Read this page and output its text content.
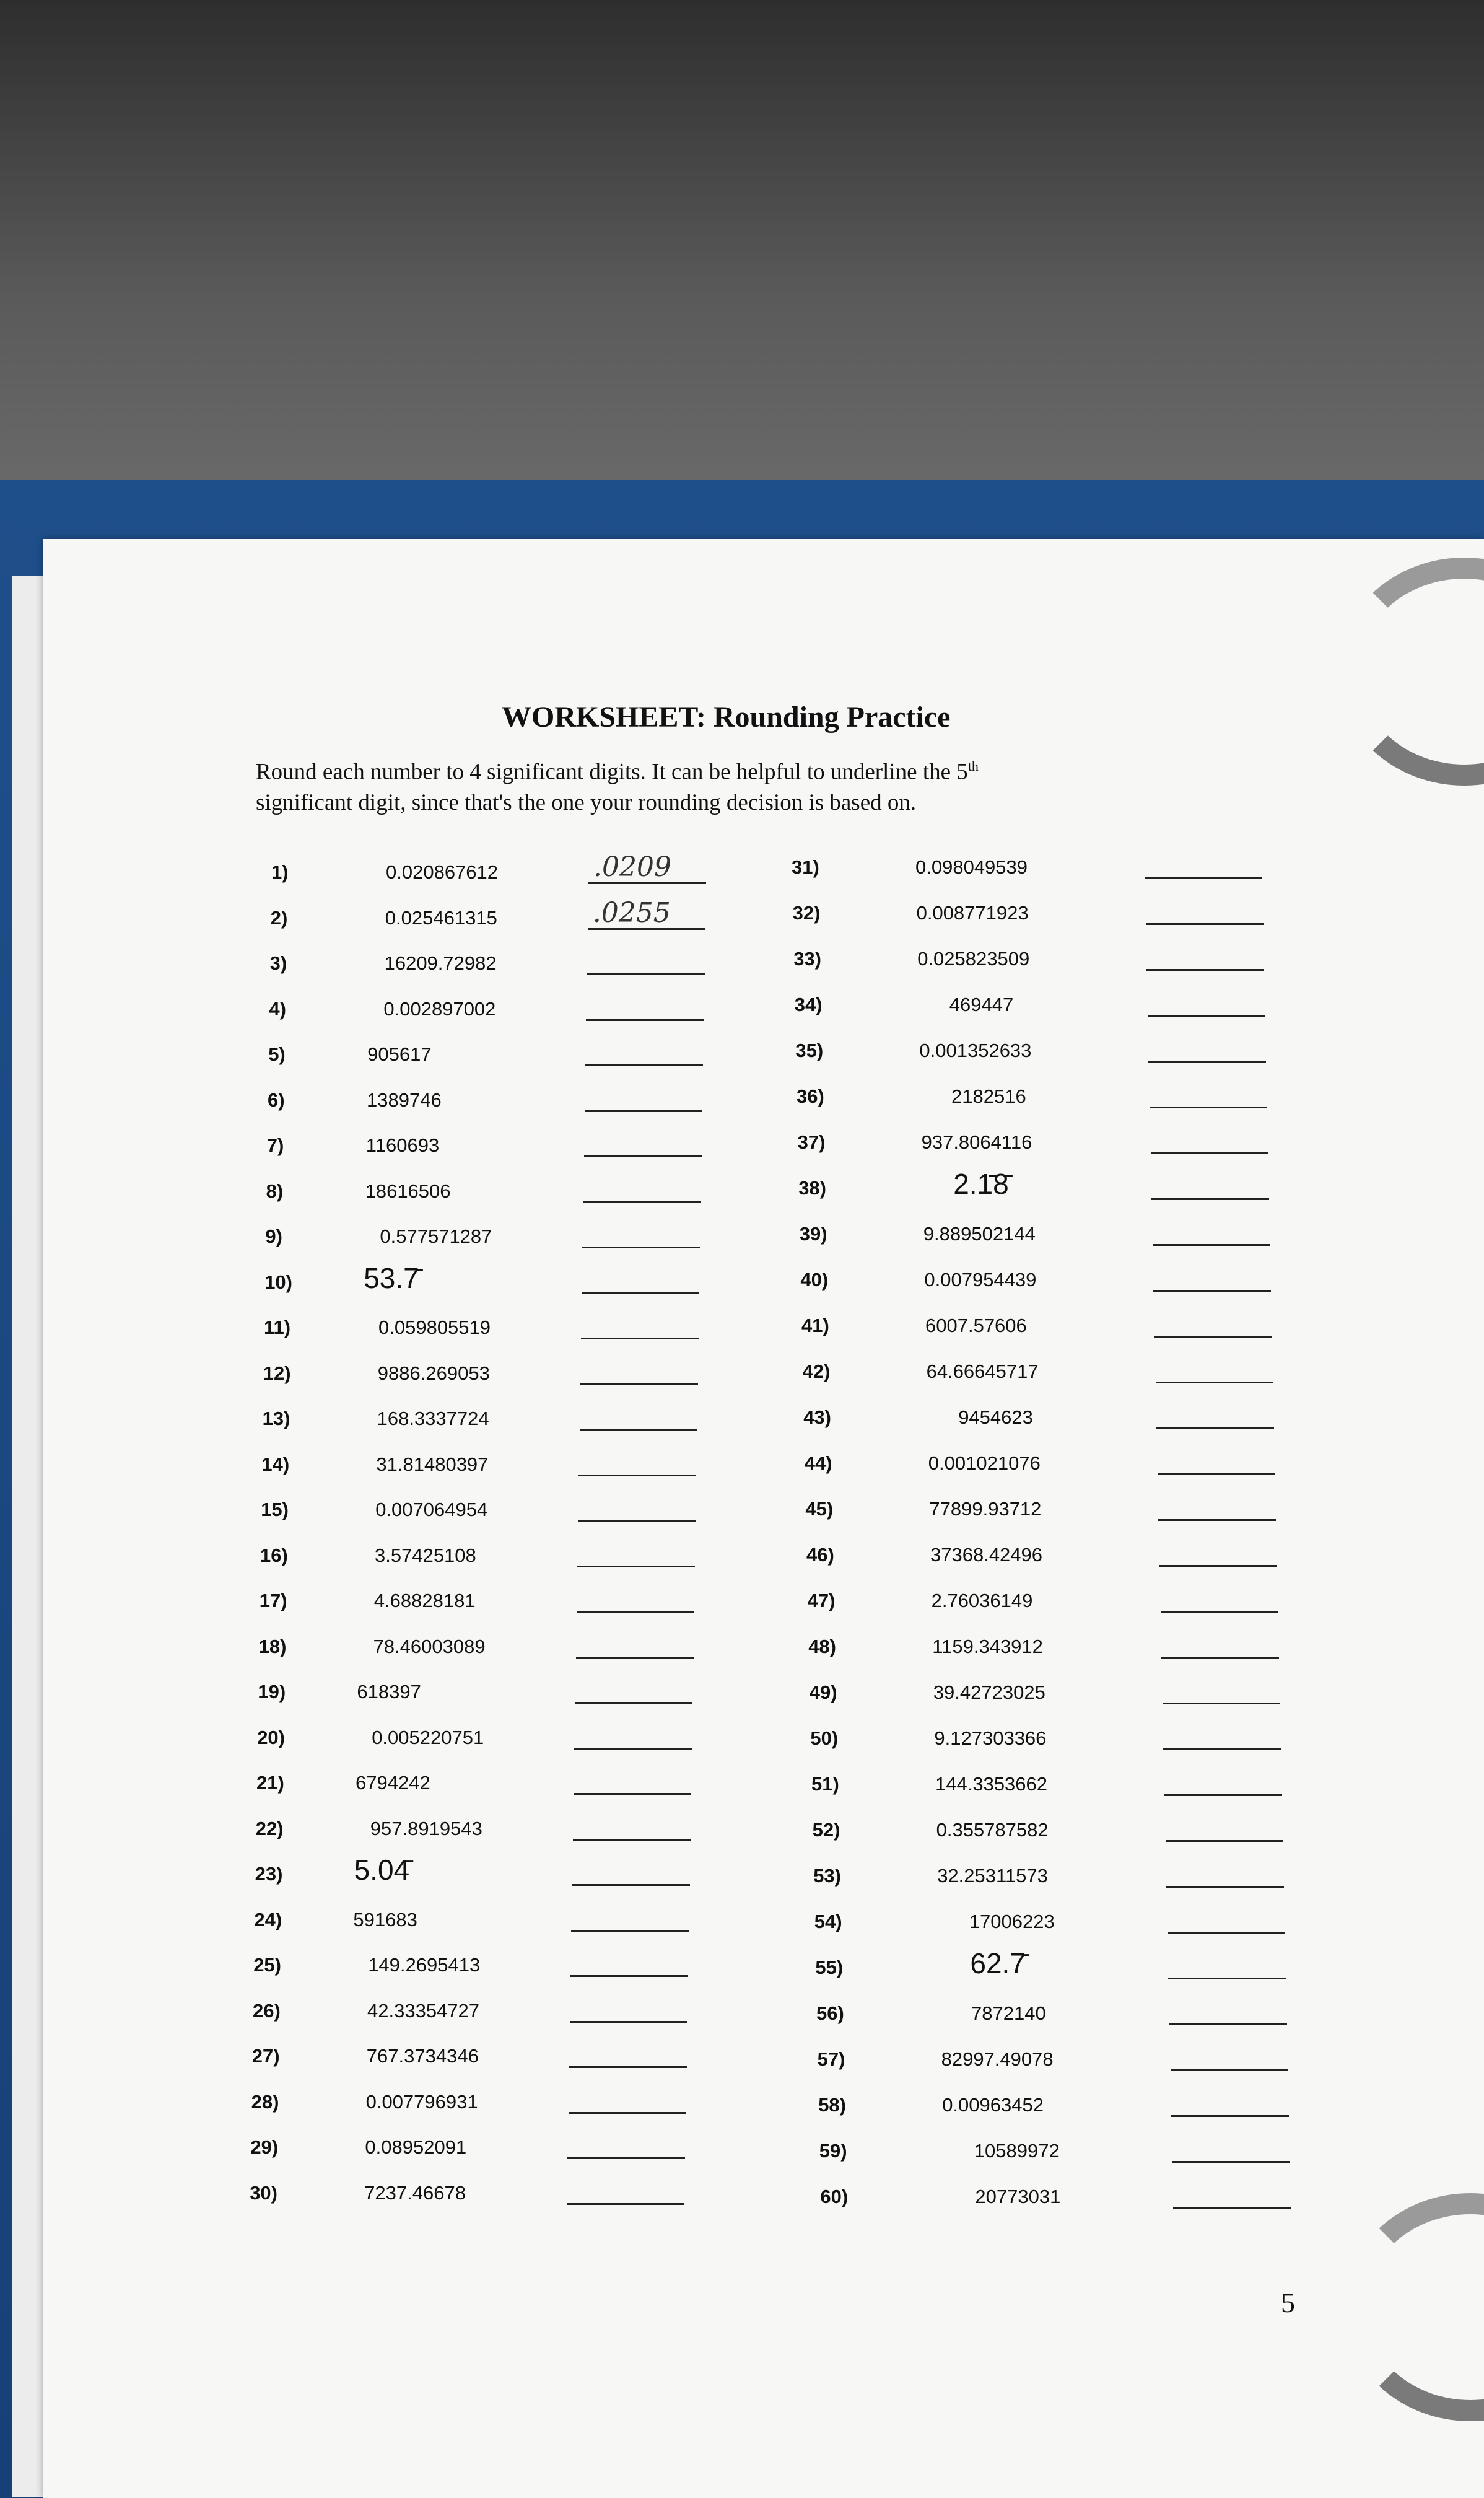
WORKSHEET: Rounding Practice
Round each number to 4 significant digits. It can be helpful to underline the 5th
significant digit, since that's the one your rounding decision is based on.
1)	0.020867612	.0209
2)	0.025461315	.0255
3)	16209.72982
4)	0.002897002
5)	905617
6)	1389746
7)	1160693
8)	18616506
9)	0.577571287
10)	53.7̄
11)	0.059805519
12)	9886.269053
13)	168.3337724
14)	31.81480397
15)	0.007064954
16)	3.57425108
17)	4.68828181
18)	78.46003089
19)	618397
20)	0.005220751
21)	6794242
22)	957.8919543
23)	5.04̄
24)	591683
25)	149.2695413
26)	42.33354727
27)	767.3734346
28)	0.007796931
29)	0.08952091
30)	7237.46678
31)	0.098049539
32)	0.008771923
33)	0.025823509
34)	469447
35)	0.001352633
36)	2182516
37)	937.8064116
38)	2.1̄8̄
39)	9.889502144
40)	0.007954439
41)	6007.57606
42)	64.66645717
43)	9454623
44)	0.001021076
45)	77899.93712
46)	37368.42496
47)	2.76036149
48)	1159.343912
49)	39.42723025
50)	9.127303366
51)	144.3353662
52)	0.355787582
53)	32.25311573
54)	17006223
55)	62.7̄
56)	7872140
57)	82997.49078
58)	0.00963452
59)	10589972
60)	20773031
5
